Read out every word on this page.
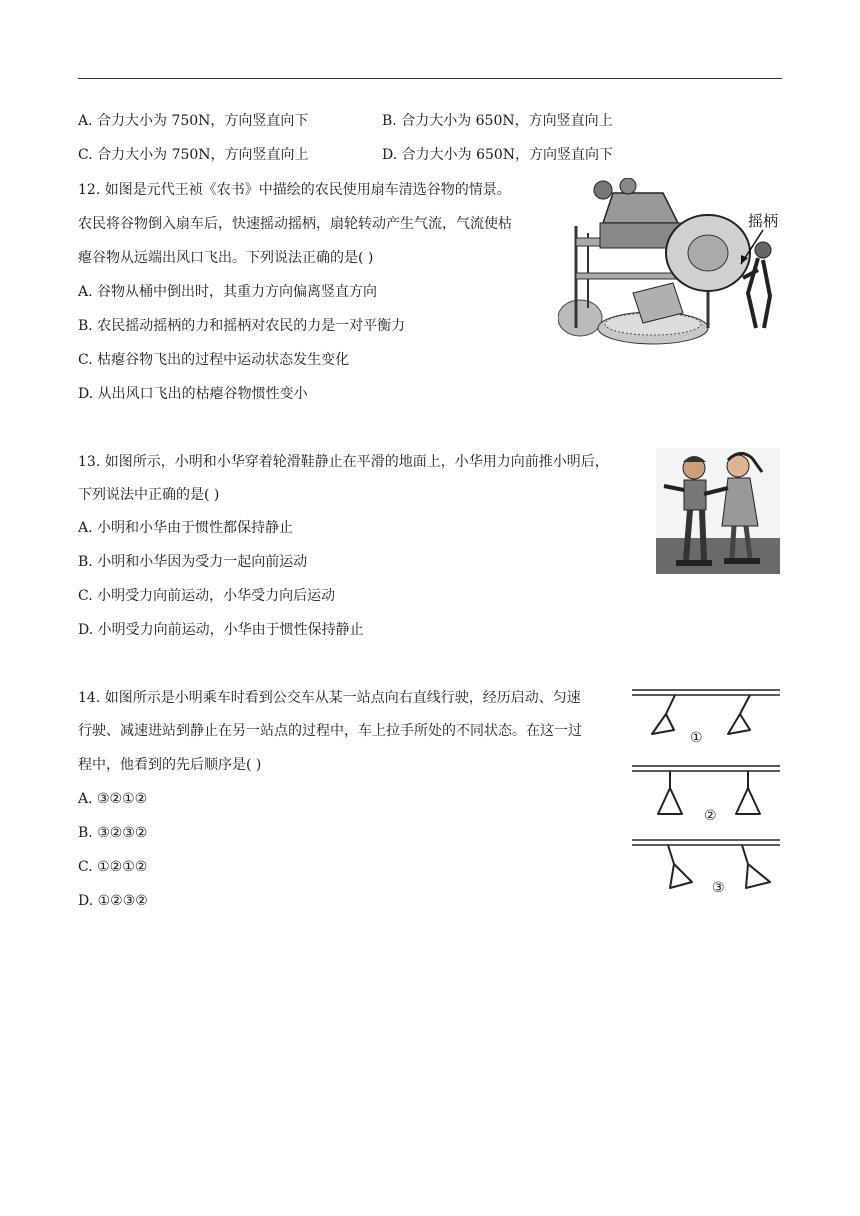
A. 合力大小为 750N，方向竖直向下	B. 合力大小为 650N，方向竖直向上
C. 合力大小为 750N，方向竖直向上	D. 合力大小为 650N，方向竖直向下
12. 如图是元代王祯《农书》中描绘的农民使用扇车清选谷物的情景。
农民将谷物倒入扇车后，快速摇动摇柄，扇轮转动产生气流，气流使枯
瘪谷物从远端出风口飞出。下列说法正确的是( )
A. 谷物从桶中倒出时，其重力方向偏离竖直方向
B. 农民摇动摇柄的力和摇柄对农民的力是一对平衡力
C. 枯瘪谷物飞出的过程中运动状态发生变化
D. 从出风口飞出的枯瘪谷物惯性变小
摇柄
13. 如图所示，小明和小华穿着轮滑鞋静止在平滑的地面上，小华用力向前推小明后，
下列说法中正确的是( )
A. 小明和小华由于惯性都保持静止
B. 小明和小华因为受力一起向前运动
C. 小明受力向前运动，小华受力向后运动
D. 小明受力向前运动，小华由于惯性保持静止
14. 如图所示是小明乘车时看到公交车从某一站点向右直线行驶，经历启动、匀速
行驶、减速进站到静止在另一站点的过程中，车上拉手所处的不同状态。在这一过
程中，他看到的先后顺序是( )
A. ③②①②
B. ③②③②
C. ①②①②
D. ①②③②
①
②
③
